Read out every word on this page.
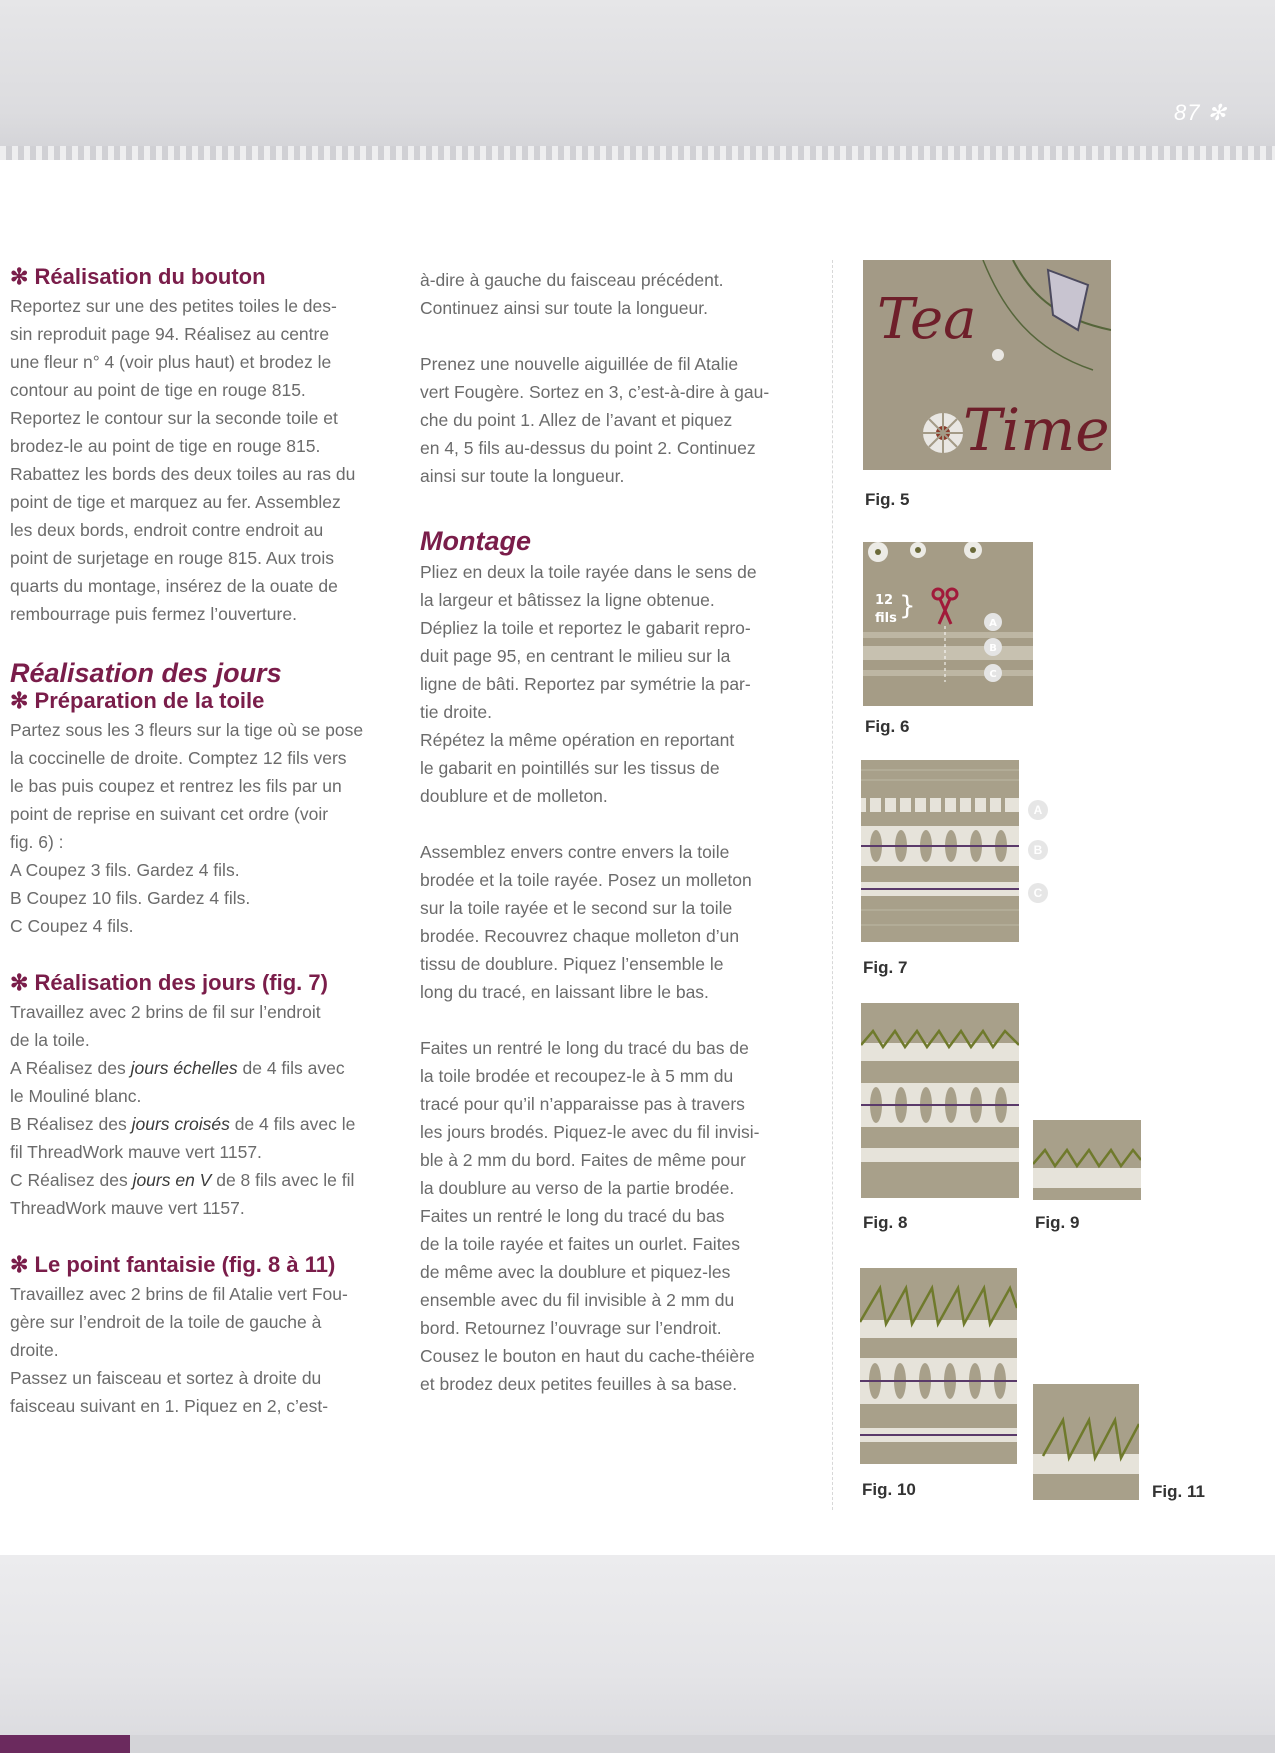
87 ✻
✻ Réalisation du bouton

Reportez sur une des petites toiles le des-

sin reproduit page 94. Réalisez au centre

une fleur n° 4 (voir plus haut) et brodez le

contour au point de tige en rouge 815.

Reportez le contour sur la seconde toile et

brodez-le au point de tige en rouge 815.

Rabattez les bords des deux toiles au ras du

point de tige et marquez au fer. Assemblez

les deux bords, endroit contre endroit au

point de surjetage en rouge 815. Aux trois

quarts du montage, insérez de la ouate de

rembourrage puis fermez l’ouverture.

Réalisation des jours
✻ Préparation de la toile

Partez sous les 3 fleurs sur la tige où se pose

la coccinelle de droite. Comptez 12 fils vers

le bas puis coupez et rentrez les fils par un

point de reprise en suivant cet ordre (voir

fig. 6) :

A Coupez 3 fils. Gardez 4 fils.

B Coupez 10 fils. Gardez 4 fils.

C Coupez 4 fils.

✻ Réalisation des jours (fig. 7)

Travaillez avec 2 brins de fil sur l’endroit

de la toile.

A Réalisez des jours échelles de 4 fils avec

le Mouliné blanc.

B Réalisez des jours croisés de 4 fils avec le

fil ThreadWork mauve vert 1157.

C Réalisez des jours en V de 8 fils avec le fil

ThreadWork mauve vert 1157.

✻ Le point fantaisie (fig. 8 à 11)

Travaillez avec 2 brins de fil Atalie vert Fou-

gère sur l’endroit de la toile de gauche à

droite.

Passez un faisceau et sortez à droite du

faisceau suivant en 1. Piquez en 2, c’est-

à-dire à gauche du faisceau précédent.

Continuez ainsi sur toute la longueur.

Prenez une nouvelle aiguillée de fil Atalie

vert Fougère. Sortez en 3, c’est-à-dire à gau-

che du point 1. Allez de l’avant et piquez

en 4, 5 fils au-dessus du point 2. Continuez

ainsi sur toute la longueur.

Montage

Pliez en deux la toile rayée dans le sens de

la largeur et bâtissez la ligne obtenue.

Dépliez la toile et reportez le gabarit repro-

duit page 95, en centrant le milieu sur la

ligne de bâti. Reportez par symétrie la par-

tie droite.

Répétez la même opération en reportant

le gabarit en pointillés sur les tissus de

doublure et de molleton.

Assemblez envers contre envers la toile

brodée et la toile rayée. Posez un molleton

sur la toile rayée et le second sur la toile

brodée. Recouvrez chaque molleton d’un

tissu de doublure. Piquez l’ensemble le

long du tracé, en laissant libre le bas.

Faites un rentré le long du tracé du bas de

la toile brodée et recoupez-le à 5 mm du

tracé pour qu’il n’apparaisse pas à travers

les jours brodés. Piquez-le avec du fil invisi-

ble à 2 mm du bord. Faites de même pour

la doublure au verso de la partie brodée.

Faites un rentré le long du tracé du bas

de la toile rayée et faites un ourlet. Faites

de même avec la doublure et piquez-les

ensemble avec du fil invisible à 2 mm du

bord. Retournez l’ouvrage sur l’endroit.

Cousez le bouton en haut du cache-théière

et brodez deux petites feuilles à sa base.

Tea
Time
Fig. 5
12
fils }
A
B
C
Fig. 6
A
B
C
Fig. 7
Fig. 8	Fig. 9
Fig. 10	Fig. 11
